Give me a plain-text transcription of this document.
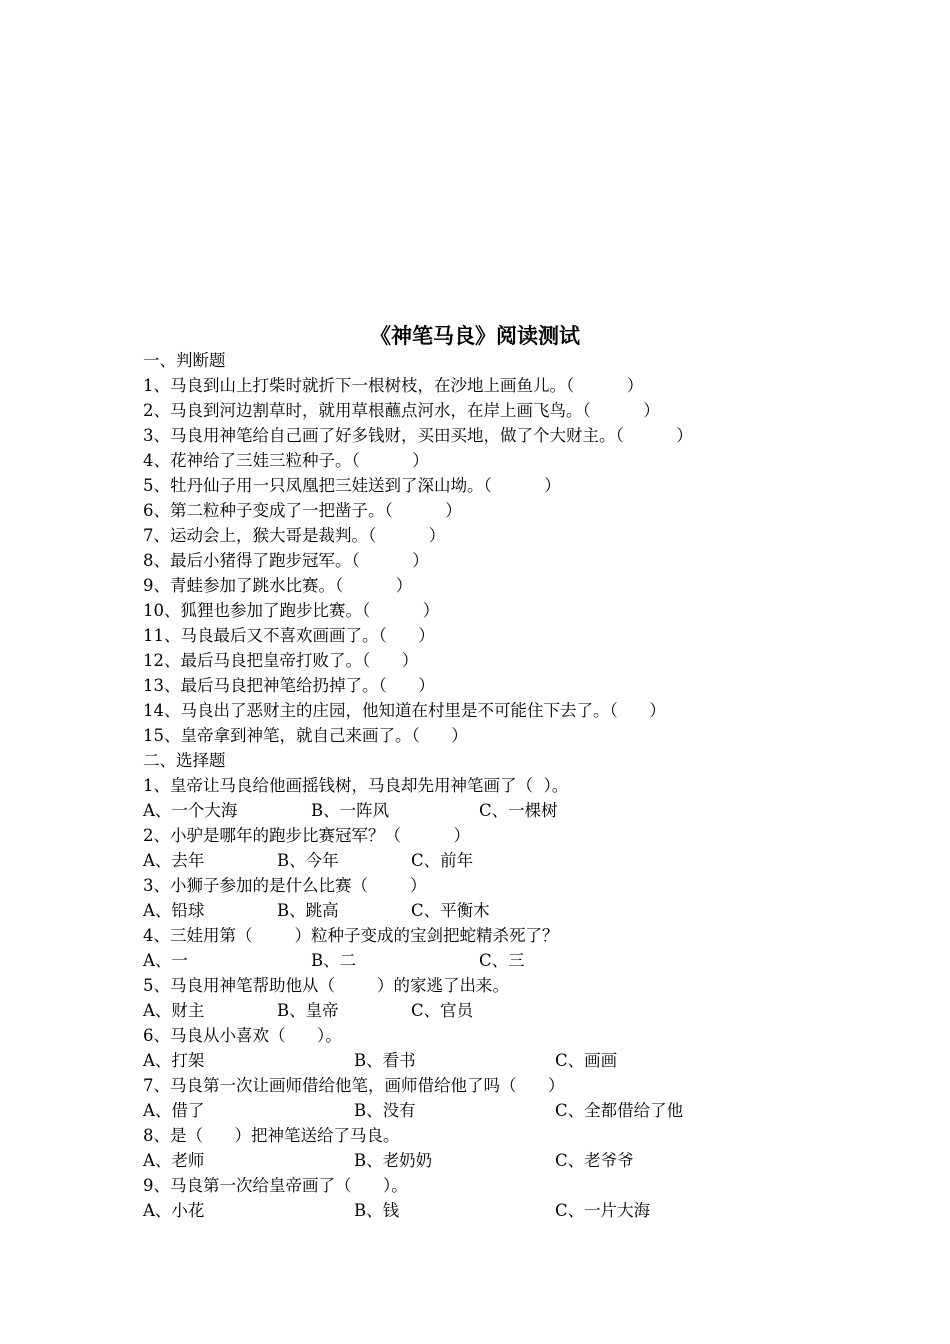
《神笔马良》阅读测试
一、判断题
1、马良到山上打柴时就折下一根树枝，在沙地上画鱼儿。（          ）
2、马良到河边割草时，就用草根蘸点河水，在岸上画飞鸟。（          ）
3、马良用神笔给自己画了好多钱财，买田买地，做了个大财主。（          ）
4、花神给了三娃三粒种子。（          ）
5、牡丹仙子用一只凤凰把三娃送到了深山坳。（          ）
6、第二粒种子变成了一把凿子。（          ）
7、运动会上，猴大哥是裁判。（          ）
8、最后小猪得了跑步冠军。（          ）
9、青蛙参加了跳水比赛。（          ）
10、狐狸也参加了跑步比赛。（          ）
11、马良最后又不喜欢画画了。（      ）
12、最后马良把皇帝打败了。（      ）
13、最后马良把神笔给扔掉了。（      ）
14、马良出了恶财主的庄园，他知道在村里是不可能住下去了。（      ）
15、皇帝拿到神笔，就自己来画了。（      ）
二、选择题
1、皇帝让马良给他画摇钱树，马良却先用神笔画了（  ）。
A、一个大海	B、一阵风	C、一棵树
2、小驴是哪年的跑步比赛冠军？（          ）
A、去年	B、今年	C、前年
3、小狮子参加的是什么比赛（        ）
A、铅球	B、跳高	C、平衡木
4、三娃用第（        ）粒种子变成的宝剑把蛇精杀死了？
A、一	B、二	C、三
5、马良用神笔帮助他从（        ）的家逃了出来。
A、财主	B、皇帝	C、官员
6、马良从小喜欢（      ）。
A、打架	B、看书	C、画画
7、马良第一次让画师借给他笔，画师借给他了吗（      ）
A、借了	B、没有	C、全都借给了他
8、是（      ）把神笔送给了马良。
A、老师	B、老奶奶	C、老爷爷
9、马良第一次给皇帝画了（      ）。
A、小花	B、钱	C、一片大海
